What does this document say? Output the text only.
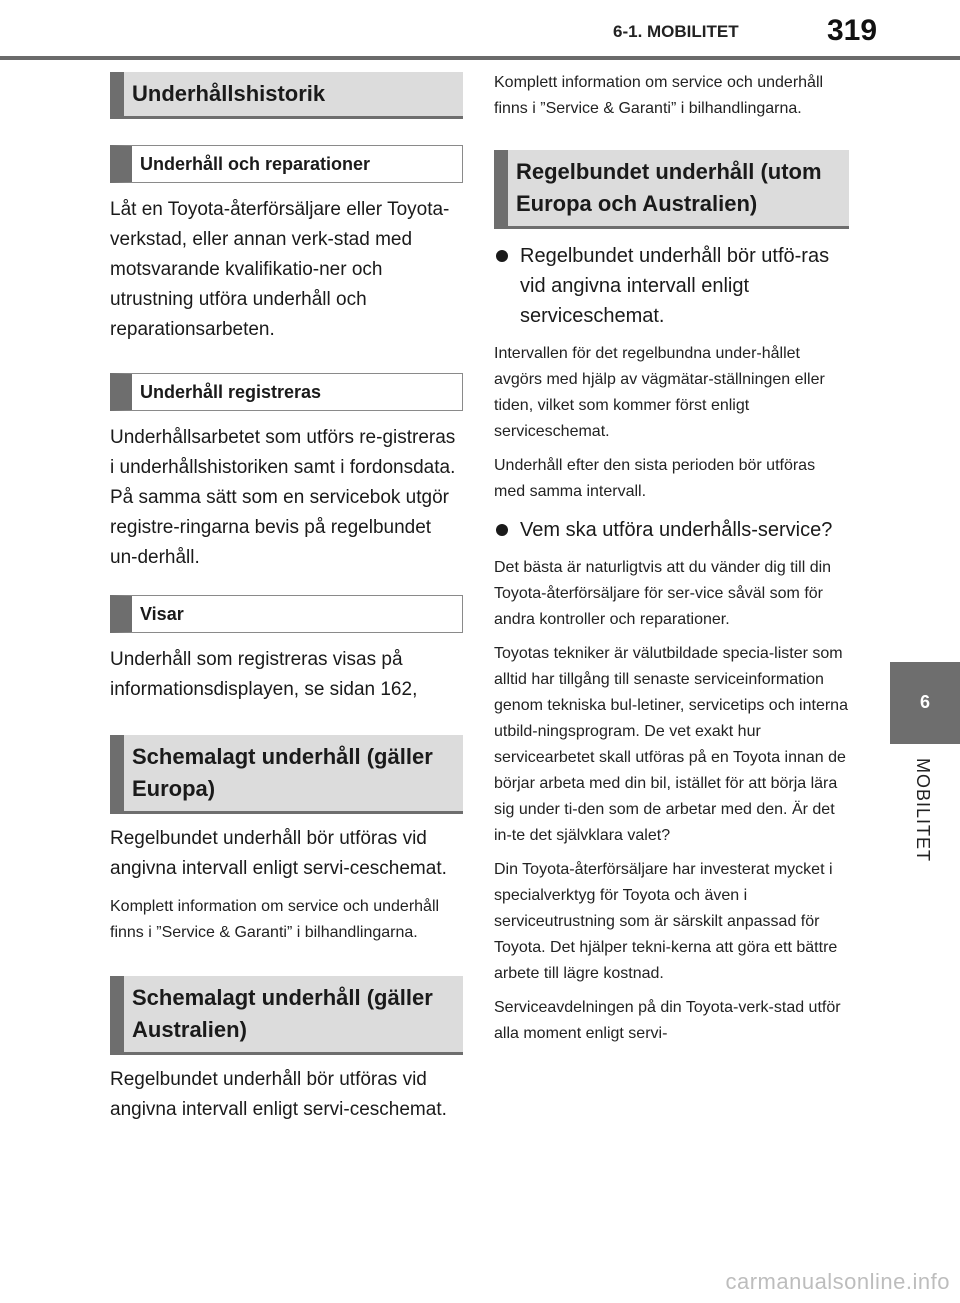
6-1. MOBILITET	319
6
MOBILITET
Underhållshistorik
Underhåll och reparationer

Låt en Toyota-återförsäljare eller Toyota-verkstad, eller annan verk-stad med motsvarande kvalifikatio-ner och utrustning utföra underhåll och reparationsarbeten.

Underhåll registreras

Underhållsarbetet som utförs re-gistreras i underhållshistoriken samt i fordonsdata. På samma sätt som en servicebok utgör registre-ringarna bevis på regelbundet un-derhåll.

Visar

Underhåll som registreras visas på informationsdisplayen, se sidan 162,

Schemalagt underhåll (gäller Europa)

Regelbundet underhåll bör utföras vid angivna intervall enligt servi-ceschemat.

Komplett information om service och underhåll finns i ”Service & Garanti” i bilhandlingarna.

Schemalagt underhåll (gäller Australien)

Regelbundet underhåll bör utföras vid angivna intervall enligt servi-ceschemat.

Komplett information om service och underhåll finns i ”Service & Garanti” i bilhandlingarna.

Regelbundet underhåll (utom Europa och Australien)
Regelbundet underhåll bör utfö-ras vid angivna intervall enligt serviceschemat.

Intervallen för det regelbundna under-hållet avgörs med hjälp av vägmätar-ställningen eller tiden, vilket som kommer först enligt serviceschemat.

Underhåll efter den sista perioden bör utföras med samma intervall.

Vem ska utföra underhålls-service?

Det bästa är naturligtvis att du vänder dig till din Toyota-återförsäljare för ser-vice såväl som för andra kontroller och reparationer.

Toyotas tekniker är välutbildade specia-lister som alltid har tillgång till senaste serviceinformation genom tekniska bul-letiner, servicetips och interna utbild-ningsprogram. De vet exakt hur servicearbetet skall utföras på en Toyota innan de börjar arbeta med din bil, istället för att börja lära sig under ti-den som de arbetar med den. Är det in-te det självklara valet?

Din Toyota-återförsäljare har investerat mycket i specialverktyg för Toyota och även i serviceutrustning som är särskilt anpassad för Toyota. Det hjälper tekni-kerna att göra ett bättre arbete till lägre kostnad.

Serviceavdelningen på din Toyota-verk-stad utför alla moment enligt servi-

carmanualsonline.info
